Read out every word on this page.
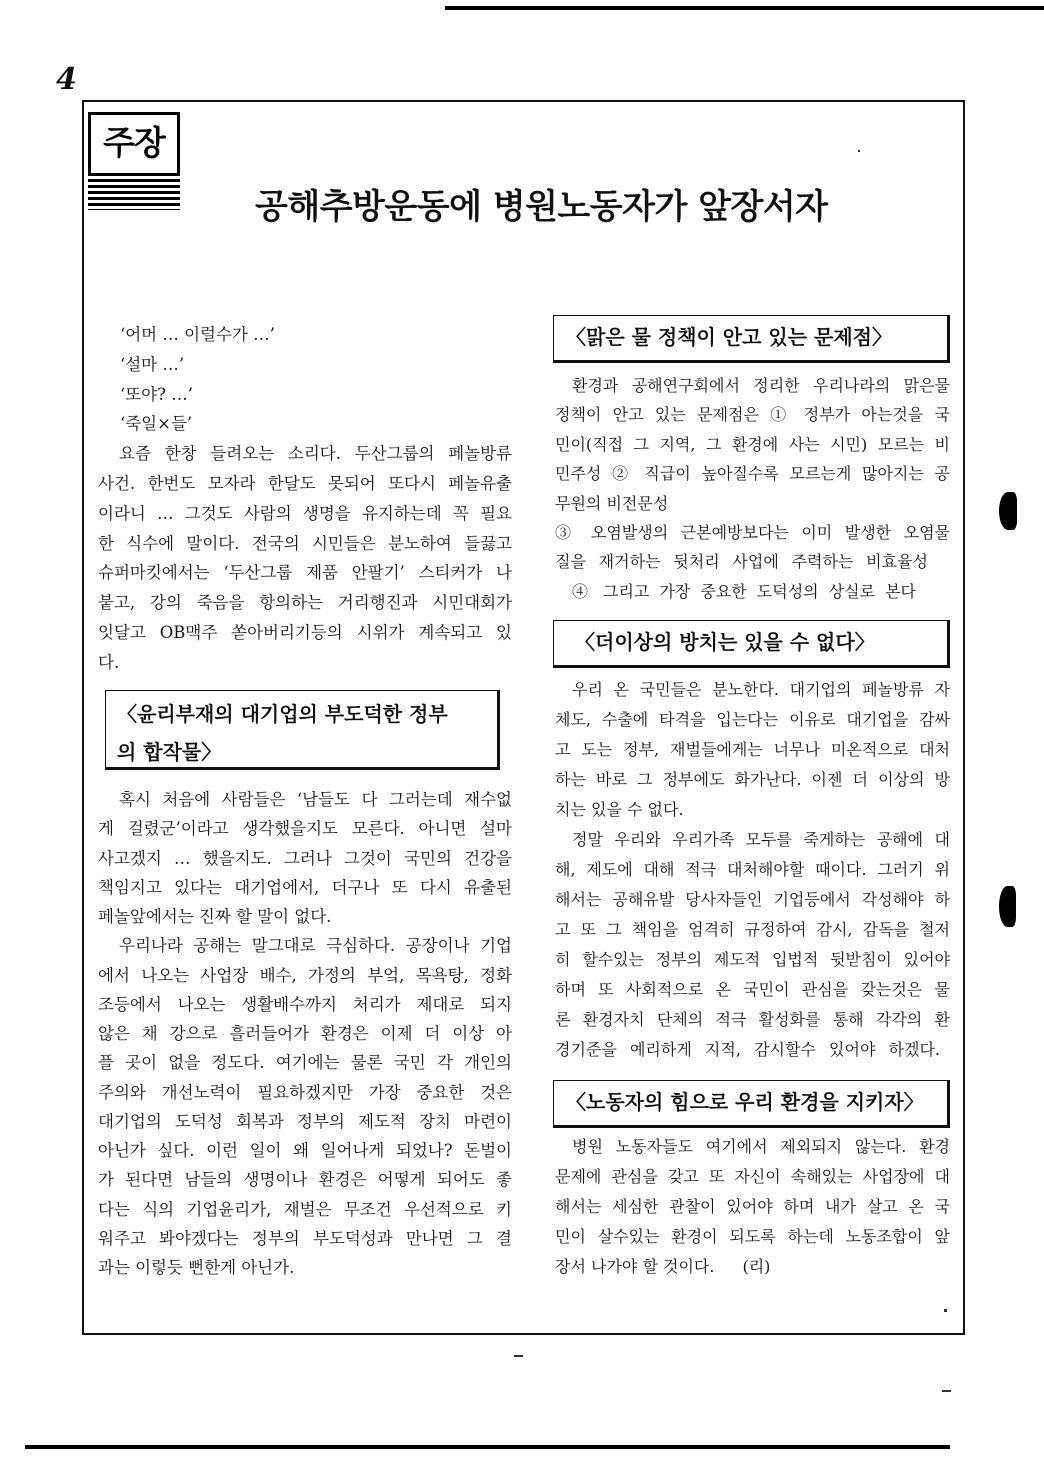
4
주장
공해추방운동에 병원노동자가 앞장서자
‘어머 … 이럴수가 …’
‘설마 …’
‘또야? …’
‘죽일×들’
요즘 한창 들려오는 소리다. 두산그룹의 페놀방류
사건. 한번도 모자라 한달도 못되어 또다시 페놀유출
이라니 … 그것도 사람의 생명을 유지하는데 꼭 필요
한 식수에 말이다. 전국의 시민들은 분노하여 들끓고
슈퍼마킷에서는 ‘두산그룹 제품 안팔기’ 스티커가 나
붙고, 강의 죽음을 항의하는 거리행진과 시민대회가
잇달고 OB맥주 쏟아버리기등의 시위가 계속되고 있
다.
〈윤리부재의 대기업의 부도덕한 정부
의 합작물〉
혹시 처음에 사람들은 ‘남들도 다 그러는데 재수없
게 걸렸군’이라고 생각했을지도 모른다. 아니면 설마
사고겠지 … 했을지도. 그러나 그것이 국민의 건강을
책임지고 있다는 대기업에서, 더구나 또 다시 유출된
페놀앞에서는 진짜 할 말이 없다.
우리나라 공해는 말그대로 극심하다. 공장이나 기업
에서 나오는 사업장 배수, 가정의 부엌, 목욕탕, 정화
조등에서 나오는 생활배수까지 처리가 제대로 되지
않은 채 강으로 흘러들어가 환경은 이제 더 이상 아
플 곳이 없을 정도다. 여기에는 물론 국민 각 개인의
주의와 개선노력이 필요하겠지만 가장 중요한 것은
대기업의 도덕성 회복과 정부의 제도적 장치 마련이
아닌가 싶다. 이런 일이 왜 일어나게 되었나? 돈벌이
가 된다면 남들의 생명이나 환경은 어떻게 되어도 좋
다는 식의 기업윤리가, 재벌은 무조건 우선적으로 키
워주고 봐야겠다는 정부의 부도덕성과 만나면 그 결
과는 이렇듯 뻔한게 아닌가.
〈맑은 물 정책이 안고 있는 문제점〉
환경과 공해연구회에서 정리한 우리나라의 맑은물
정책이 안고 있는 문제점은 ① 정부가 아는것을 국
민이(직접 그 지역, 그 환경에 사는 시민) 모르는 비
민주성 ② 직급이 높아질수록 모르는게 많아지는 공
무원의 비전문성
③ 오염발생의 근본예방보다는 이미 발생한 오염물
질을 재거하는 뒷처리 사업에 주력하는 비효율성
④ 그리고 가장 중요한 도덕성의 상실로 본다
〈더이상의 방치는 있을 수 없다〉
우리 온 국민들은 분노한다. 대기업의 페놀방류 자
체도, 수출에 타격을 입는다는 이유로 대기업을 감싸
고 도는 정부, 재벌들에게는 너무나 미온적으로 대처
하는 바로 그 정부에도 화가난다. 이젠 더 이상의 방
치는 있을 수 없다.
정말 우리와 우리가족 모두를 죽게하는 공해에 대
해, 제도에 대해 적극 대처해야할 때이다. 그러기 위
해서는 공해유발 당사자들인 기업등에서 각성해야 하
고 또 그 책임을 엄격히 규정하여 감시, 감독을 철저
히 할수있는 정부의 제도적 입법적 뒷받침이 있어야
하며 또 사회적으로 온 국민이 관심을 갖는것은 물
론 환경자치 단체의 적극 활성화를 통해 각각의 환
경기준을 예리하게 지적, 감시할수 있어야 하겠다.
〈노동자의 힘으로 우리 환경을 지키자〉
병원 노동자들도 여기에서 제외되지 않는다. 환경
문제에 관심을 갖고 또 자신이 속해있는 사업장에 대
해서는 세심한 관찰이 있어야 하며 내가 살고 온 국
민이 살수있는 환경이 되도록 하는데 노동조합이 앞
장서 나가야 할 것이다. (리)
